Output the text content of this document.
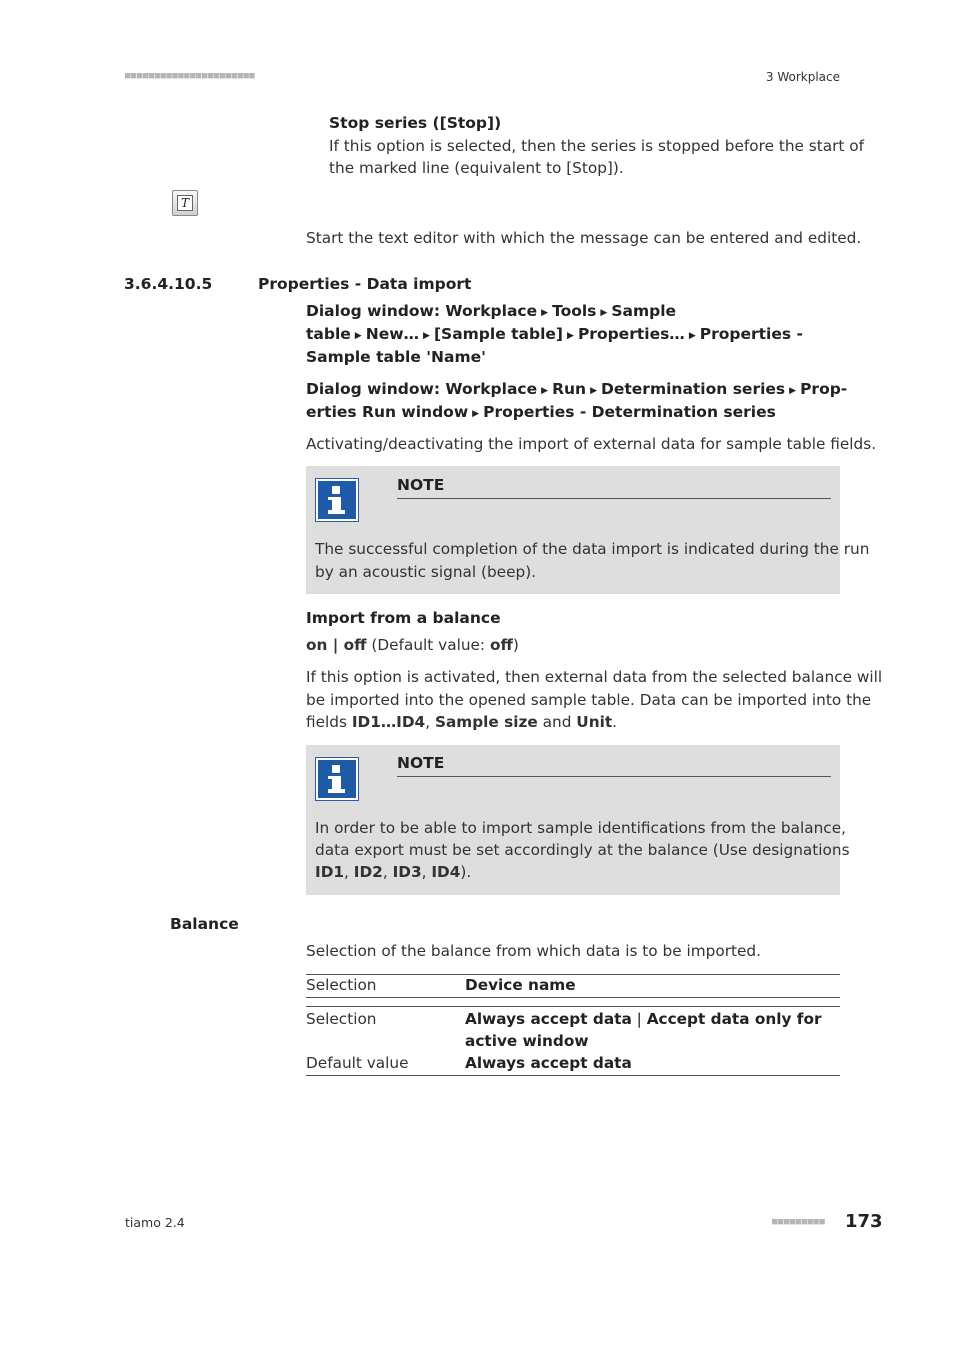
■■■■■■■■■■■■■■■■■■■■■■	3 Workplace
Stop series ([Stop])
If this option is selected, then the series is stopped before the start of
the marked line (equivalent to [Stop]).
T
Start the text editor with which the message can be entered and edited.
3.6.4.10.5	Properties - Data import
Dialog window: Workplace ▶ Tools ▶ Sample
table ▶ New… ▶ [Sample table] ▶ Properties… ▶ Properties -
Sample table 'Name'
Dialog window: Workplace ▶ Run ▶ Determination series ▶ Prop-
erties Run window ▶ Properties - Determination series
Activating/deactivating the import of external data for sample table fields.
NOTE
The successful completion of the data import is indicated during the run
by an acoustic signal (beep).
Import from a balance
on | off (Default value: off)
If this option is activated, then external data from the selected balance will
be imported into the opened sample table. Data can be imported into the
fields ID1…ID4, Sample size and Unit.
NOTE
In order to be able to import sample identifications from the balance,
data export must be set accordingly at the balance (Use designations
ID1, ID2, ID3, ID4).
Balance
Selection of the balance from which data is to be imported.
Selection	Device name
Selection	Always accept data | Accept data only for
active window
Default value	Always accept data
tiamo 2.4	■■■■■■■■■ 173
